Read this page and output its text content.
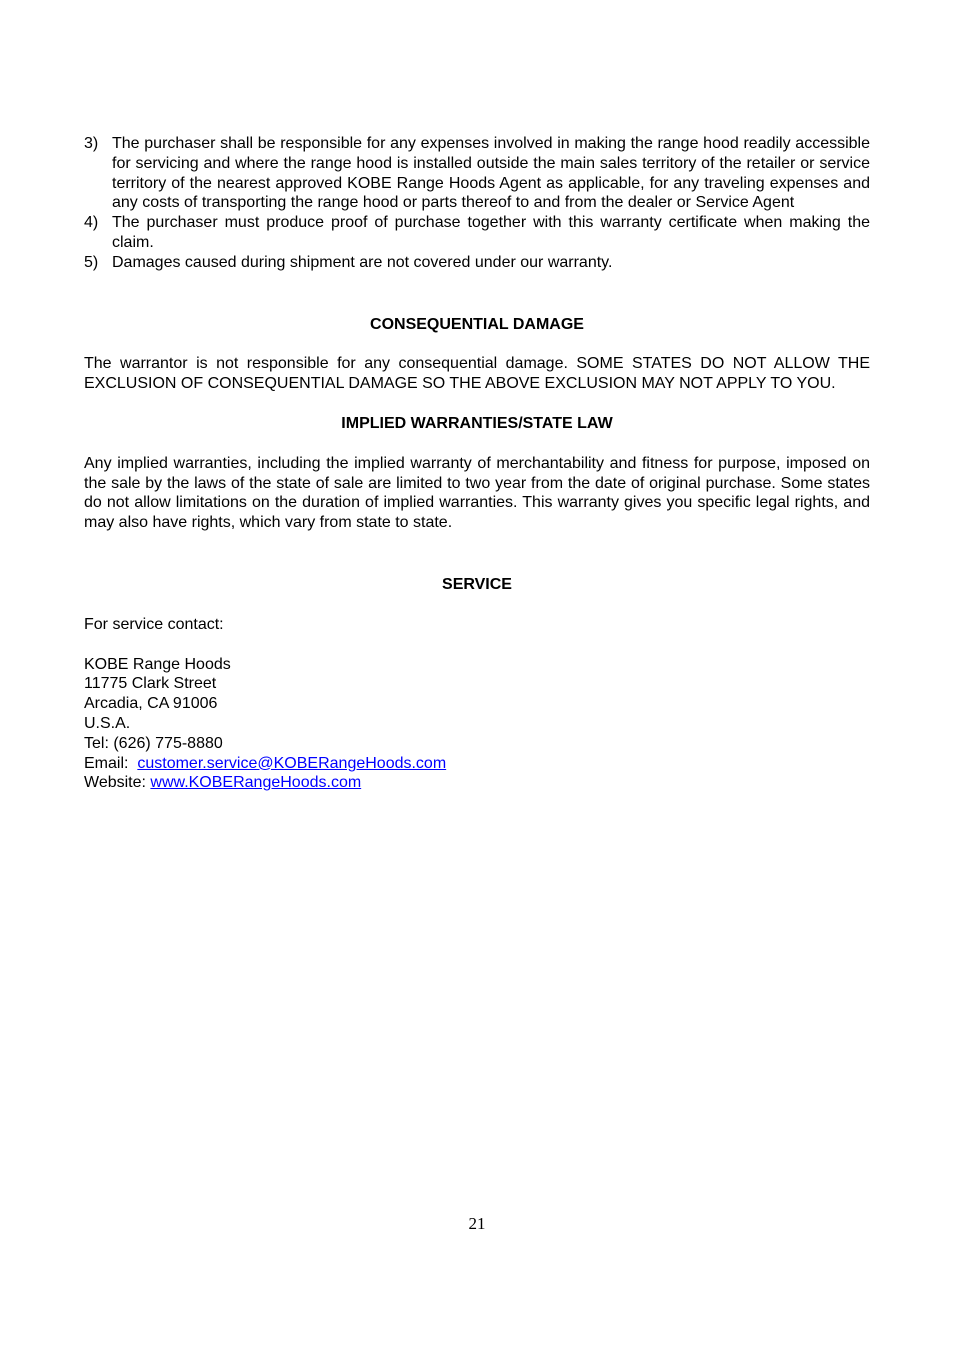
3) The purchaser shall be responsible for any expenses involved in making the range hood readily accessible for servicing and where the range hood is installed outside the main sales territory of the retailer or service territory of the nearest approved KOBE Range Hoods Agent as applicable, for any traveling expenses and any costs of transporting the range hood or parts thereof to and from the dealer or Service Agent
4) The purchaser must produce proof of purchase together with this warranty certificate when making the claim.
5) Damages caused during shipment are not covered under our warranty.
CONSEQUENTIAL DAMAGE
The warrantor is not responsible for any consequential damage. SOME STATES DO NOT ALLOW THE EXCLUSION OF CONSEQUENTIAL DAMAGE SO THE ABOVE EXCLUSION MAY NOT APPLY TO YOU.
IMPLIED WARRANTIES/STATE LAW
Any implied warranties, including the implied warranty of merchantability and fitness for purpose, imposed on the sale by the laws of the state of sale are limited to two year from the date of original purchase. Some states do not allow limitations on the duration of implied warranties. This warranty gives you specific legal rights, and may also have rights, which vary from state to state.
SERVICE
For service contact:
KOBE Range Hoods
11775 Clark Street
Arcadia, CA 91006
U.S.A.
Tel: (626) 775-8880
Email:  customer.service@KOBERangeHoods.com
Website: www.KOBERangeHoods.com
21
